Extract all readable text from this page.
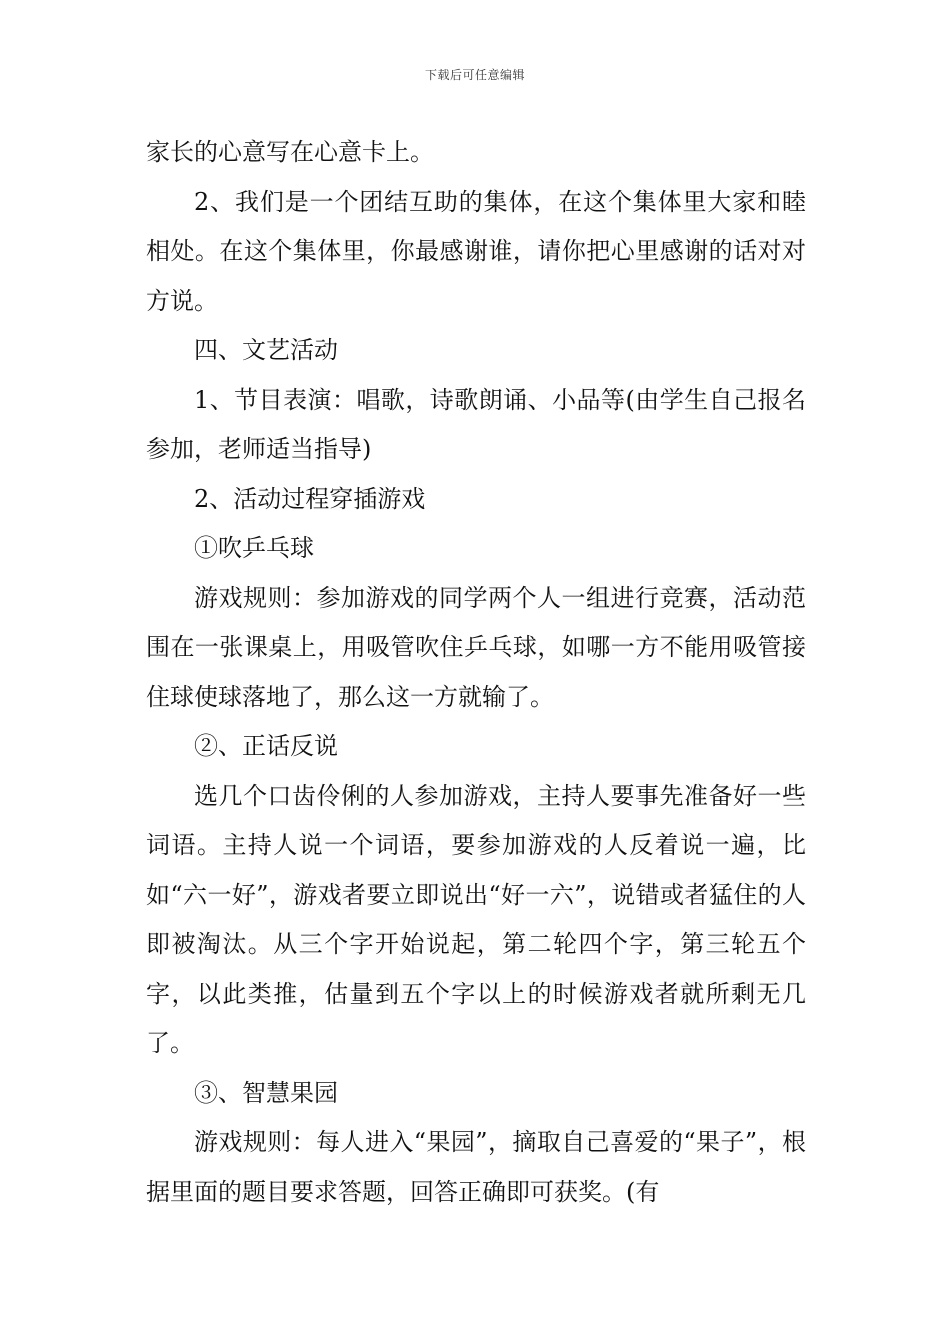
下载后可任意编辑

家长的心意写在心意卡上。

2、我们是一个团结互助的集体，在这个集体里大家和睦相处。在这个集体里，你最感谢谁，请你把心里感谢的话对对方说。

四、文艺活动

1、节目表演：唱歌，诗歌朗诵、小品等(由学生自己报名参加，老师适当指导)

2、活动过程穿插游戏

①吹乒乓球

游戏规则：参加游戏的同学两个人一组进行竞赛，活动范围在一张课桌上，用吸管吹住乒乓球，如哪一方不能用吸管接住球使球落地了，那么这一方就输了。

②、正话反说

选几个口齿伶俐的人参加游戏，主持人要事先准备好一些词语。主持人说一个词语，要参加游戏的人反着说一遍，比如“六一好”，游戏者要立即说出“好一六”，说错或者猛住的人即被淘汰。从三个字开始说起，第二轮四个字，第三轮五个字，以此类推，估量到五个字以上的时候游戏者就所剩无几了。

③、智慧果园

游戏规则：每人进入“果园”，摘取自己喜爱的“果子”，根据里面的题目要求答题，回答正确即可获奖。(有
